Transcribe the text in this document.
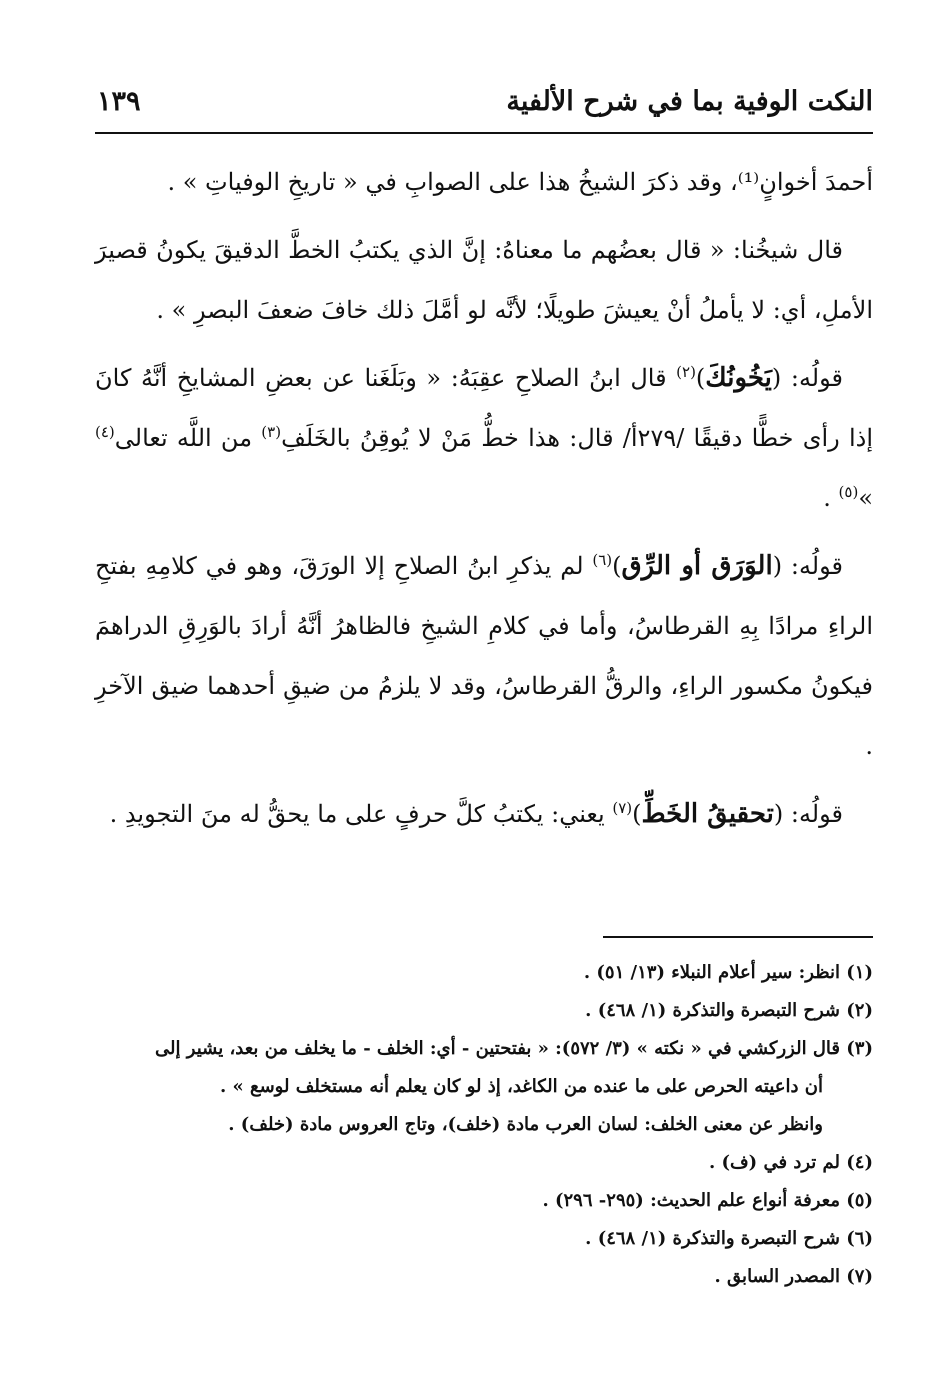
النكت الوفية بما في شرح الألفية
١٣٩

أحمدَ أخوانٍ⁽¹⁾، وقد ذكرَ الشيخُ هذا على الصوابِ في « تاريخِ الوفياتِ » .

قال شيخُنا: « قال بعضُهم ما معناهُ: إنَّ الذي يكتبُ الخطَّ الدقيقَ يكونُ قصيرَ الأملِ، أي: لا يأملُ أنْ يعيشَ طويلًا؛ لأنَّه لو أمَّلَ ذلك خافَ ضعفَ البصرِ » .

قولُه: (يَخُونُكَ)$^{(٢)}$ قال ابنُ الصلاحِ عقِبَهُ: « وبَلَغَنا عن بعضِ المشايخِ أنَّهُ كانَ إذا رأى خطًّا دقيقًا /٢٧٩أ/ قال: هذا خطُّ مَنْ لا يُوقِنُ بالخَلَفِ$^{(٣)}$ من اللَّه تعالى$^{(٤)}$ »$^{(٥)}$ .

قولُه: (الوَرَق أو الرِّق)$^{(٦)}$ لم يذكرِ ابنُ الصلاحِ إلا الورَقَ، وهو في كلامِهِ بفتحِ الراءِ مرادًا بِهِ القرطاسُ، وأما في كلامِ الشيخِ فالظاهرُ أنَّهُ أرادَ بالوَرِقِ الدراهمَ فيكونُ مكسور الراءِ، والرقُّ القرطاسُ، وقد لا يلزمُ من ضيقِ أحدهما ضيق الآخرِ .

قولُه: (تحقيقُ الخَطِّ)$^{(٧)}$ يعني: يكتبُ كلَّ حرفٍ على ما يحقُّ له منَ التجويدِ .

(١) انظر: سير أعلام النبلاء (١٣/ ٥١) .

(٢) شرح التبصرة والتذكرة (١/ ٤٦٨) .

(٣) قال الزركشي في « نكته » (٣/ ٥٧٢): « بفتحتين - أي: الخلف - ما يخلف من بعد، يشير إلى

أن داعيته الحرص على ما عنده من الكاغد، إذ لو كان يعلم أنه مستخلف لوسع » .

وانظر عن معنى الخلف: لسان العرب مادة (خلف)، وتاج العروس مادة (خلف) .

(٤) لم ترد في (ف) .

(٥) معرفة أنواع علم الحديث: (٢٩٥- ٢٩٦) .

(٦) شرح التبصرة والتذكرة (١/ ٤٦٨) .

(٧) المصدر السابق .
